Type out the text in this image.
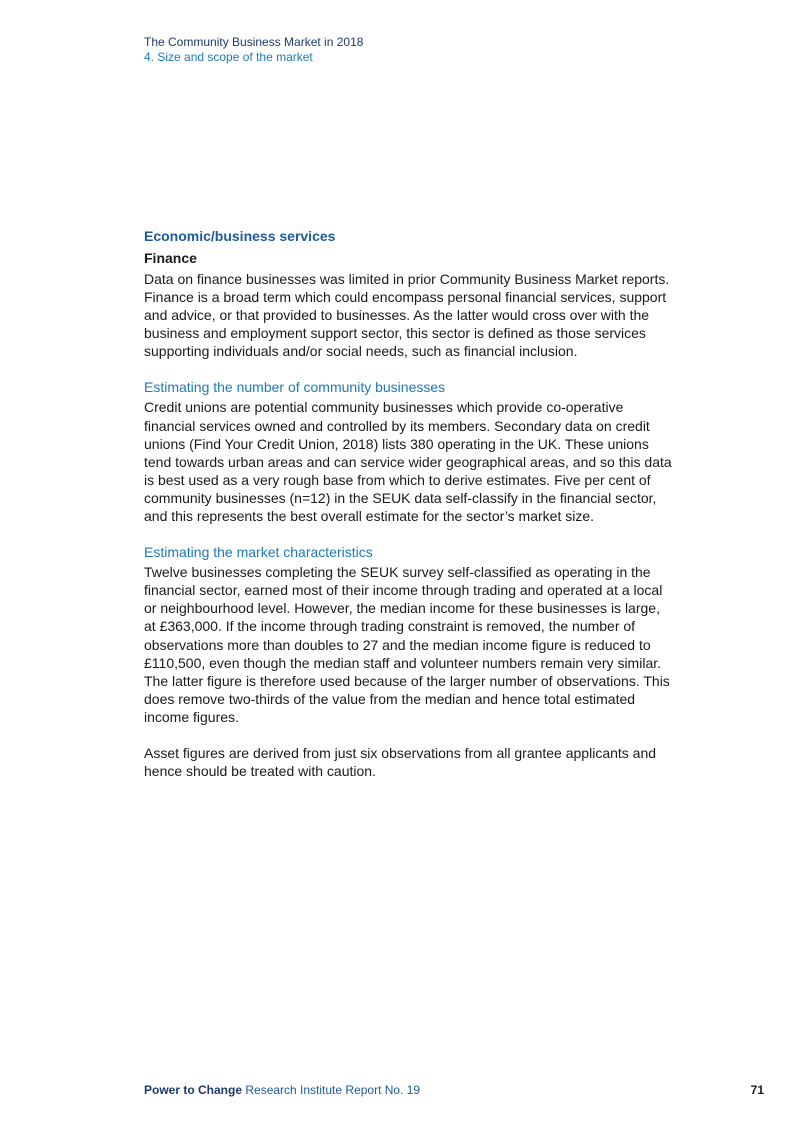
The Community Business Market in 2018
4. Size and scope of the market
Economic/business services
Finance

Data on finance businesses was limited in prior Community Business Market reports. Finance is a broad term which could encompass personal financial services, support and advice, or that provided to businesses. As the latter would cross over with the business and employment support sector, this sector is defined as those services supporting individuals and/or social needs, such as financial inclusion.

Estimating the number of community businesses

Credit unions are potential community businesses which provide co-operative financial services owned and controlled by its members. Secondary data on credit unions (Find Your Credit Union, 2018) lists 380 operating in the UK. These unions tend towards urban areas and can service wider geographical areas, and so this data is best used as a very rough base from which to derive estimates. Five per cent of community businesses (n=12) in the SEUK data self-classify in the financial sector, and this represents the best overall estimate for the sector’s market size.

Estimating the market characteristics

Twelve businesses completing the SEUK survey self-classified as operating in the financial sector, earned most of their income through trading and operated at a local or neighbourhood level. However, the median income for these businesses is large, at £363,000. If the income through trading constraint is removed, the number of observations more than doubles to 27 and the median income figure is reduced to £110,500, even though the median staff and volunteer numbers remain very similar. The latter figure is therefore used because of the larger number of observations. This does remove two-thirds of the value from the median and hence total estimated income figures.

Asset figures are derived from just six observations from all grantee applicants and hence should be treated with caution.

Power to Change Research Institute Report No. 19	71
